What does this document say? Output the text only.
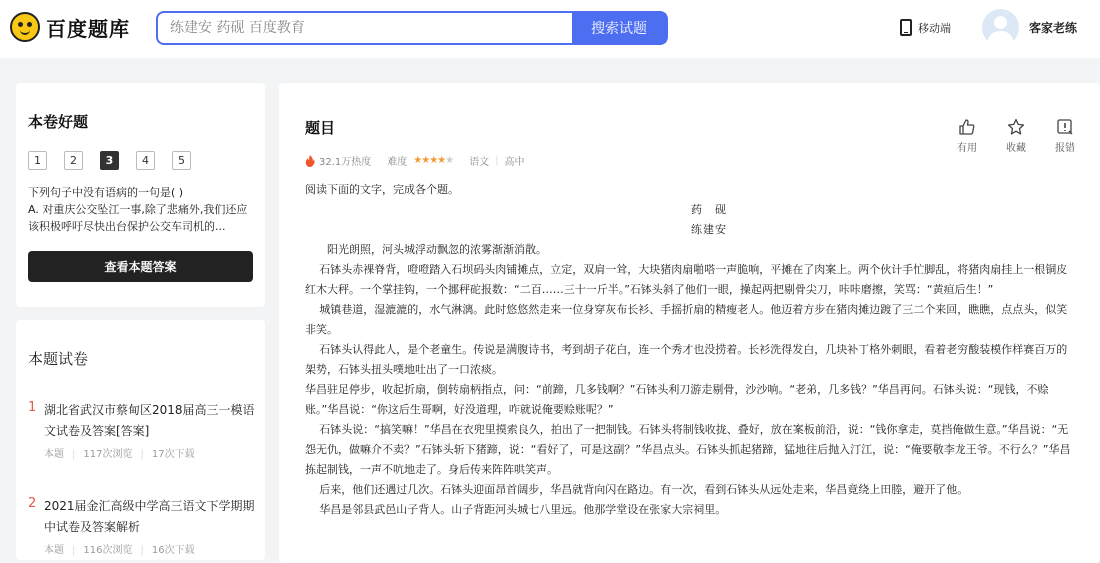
百度题库
练建安 药砚 百度教育	搜索试题	移动端	客家老练
本卷好题
1	2	3	4	5
下列句子中没有语病的一句是( )
A. 对重庆公交坠江一事,除了悲痛外,我们还应该积极呼吁尽快出台保护公交车司机的...
查看本题答案
本题试卷
1 湖北省武汉市蔡甸区2018届高三一模语文试卷及答案[答案]
本题 | 117次浏览 | 17次下载
2 2021届金汇高级中学高三语文下学期期中试卷及答案解析
本题 | 116次浏览 | 16次下载
题目
有用	收藏	报错
32.1万热度 难度 ★★★★★ 语文 | 高中

阅读下面的文字，完成各个题。

药　砚

练建安

阳光朗照，河头城浮动飘忽的浓雾渐渐消散。

石钵头赤裸脊背，噔噔踏入石坝码头肉铺摊点，立定，双肩一耸，大块猪肉扇啪嗒一声脆响，平摊在了肉案上。两个伙计手忙脚乱，将猪肉扇挂上一根铜皮红木大秤。一个掌挂钩，一个挪秤砣报数：“二百……三十一斤半。”石钵头斜了他们一眼，操起两把剔骨尖刀，咔咔磨擦，笑骂：“黄疸后生！”

城镇巷道，湿漉漉的，水气淋漓。此时悠悠然走来一位身穿灰布长衫、手摇折扇的精瘦老人。他迈着方步在猪肉摊边踱了三二个来回，瞧瞧，点点头，似笑非笑。

石钵头认得此人，是个老童生。传说是满腹诗书，考到胡子花白，连一个秀才也没捞着。长衫洗得发白，几块补丁格外刺眼，看着老穷酸装模作样赛百万的架势，石钵头扭头噗地吐出了一口浓痰。

华昌驻足停步，收起折扇，倒转扇柄指点，问：“前蹄，几多钱啊？”石钵头利刀游走剔骨，沙沙响。“老弟，几多钱？”华昌再问。石钵头说：“现钱，不赊账。”华昌说：“你这后生哥啊，好没道理，咋就说俺要赊账呢？”

石钵头说：“搞笑嘛！”华昌在衣兜里摸索良久，拍出了一把制钱。石钵头将制钱收拢、叠好，放在案板前沿，说：“钱你拿走，莫挡俺做生意。”华昌说：“无怨无仇，做嘛介不卖？”石钵头斩下猪蹄，说：“看好了，可是这副？”华昌点头。石钵头抓起猪蹄，猛地往后抛入汀江，说：“俺要敬李龙王爷。不行么？”华昌拣起制钱，一声不吭地走了。身后传来阵阵哄笑声。

后来，他们还遇过几次。石钵头迎面昂首阔步，华昌就背向闪在路边。有一次，看到石钵头从远处走来，华昌竟绕上田塍，避开了他。

华昌是邻县武邑山子背人。山子背距河头城七八里远。他那学堂设在张家大宗祠里。
